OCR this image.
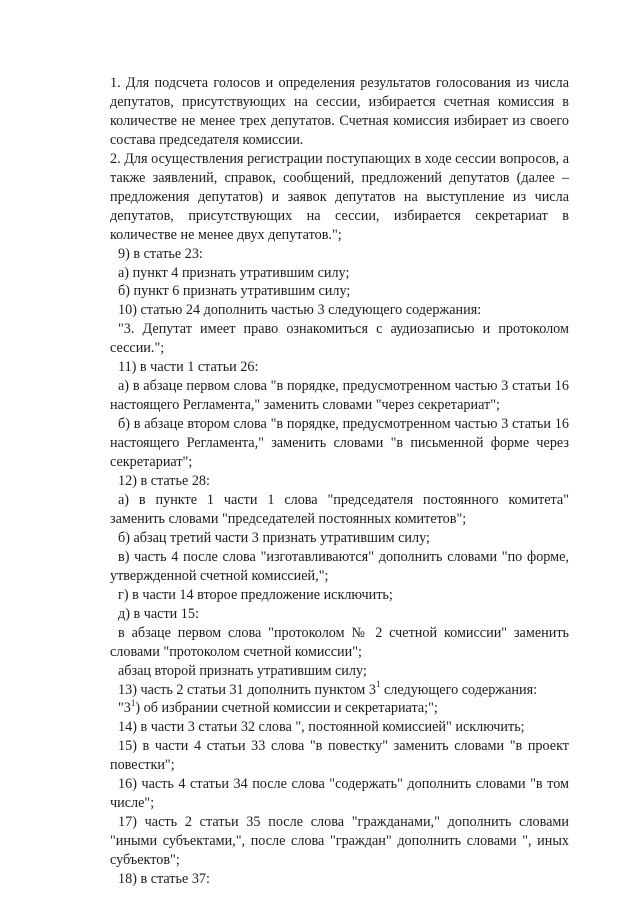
1. Для подсчета голосов и определения результатов голосования из числа депутатов, присутствующих на сессии, избирается счетная комиссия в количестве не менее трех депутатов. Счетная комиссия избирает из своего состава председателя комиссии.

2. Для осуществления регистрации поступающих в ходе сессии вопросов, а также заявлений, справок, сообщений, предложений депутатов (далее – предложения депутатов) и заявок депутатов на выступление из числа депутатов, присутствующих на сессии, избирается секретариат в количестве не менее двух депутатов.";

9) в статье 23:

а) пункт 4 признать утратившим силу;

б) пункт 6 признать утратившим силу;

10) статью 24 дополнить частью 3 следующего содержания:

"3. Депутат имеет право ознакомиться с аудиозаписью и протоколом сессии.";

11) в части 1 статьи 26:

а) в абзаце первом слова "в порядке, предусмотренном частью 3 статьи 16 настоящего Регламента," заменить словами "через секретариат";

б) в абзаце втором слова "в порядке, предусмотренном частью 3 статьи 16 настоящего Регламента," заменить словами "в письменной форме через секретариат";

12) в статье 28:

а) в пункте 1 части 1 слова "председателя постоянного комитета" заменить словами "председателей постоянных комитетов";

б) абзац третий части 3 признать утратившим силу;

в) часть 4 после слова "изготавливаются" дополнить словами "по форме, утвержденной счетной комиссией,";

г) в части 14 второе предложение исключить;

д) в части 15:

в абзаце первом слова "протоколом № 2 счетной комиссии" заменить словами "протоколом счетной комиссии";

абзац второй признать утратившим силу;

13) часть 2 статьи 31 дополнить пунктом $3^1$ следующего содержания:

"$3^1$) об избрании счетной комиссии и секретариата;";

14) в части 3 статьи 32 слова ", постоянной комиссией" исключить;

15) в части 4 статьи 33 слова "в повестку" заменить словами "в проект повестки";

16) часть 4 статьи 34 после слова "содержать" дополнить словами "в том числе";

17) часть 2 статьи 35 после слова "гражданами," дополнить словами "иными субъектами,", после слова "граждан" дополнить словами ", иных субъектов";

18) в статье 37:
